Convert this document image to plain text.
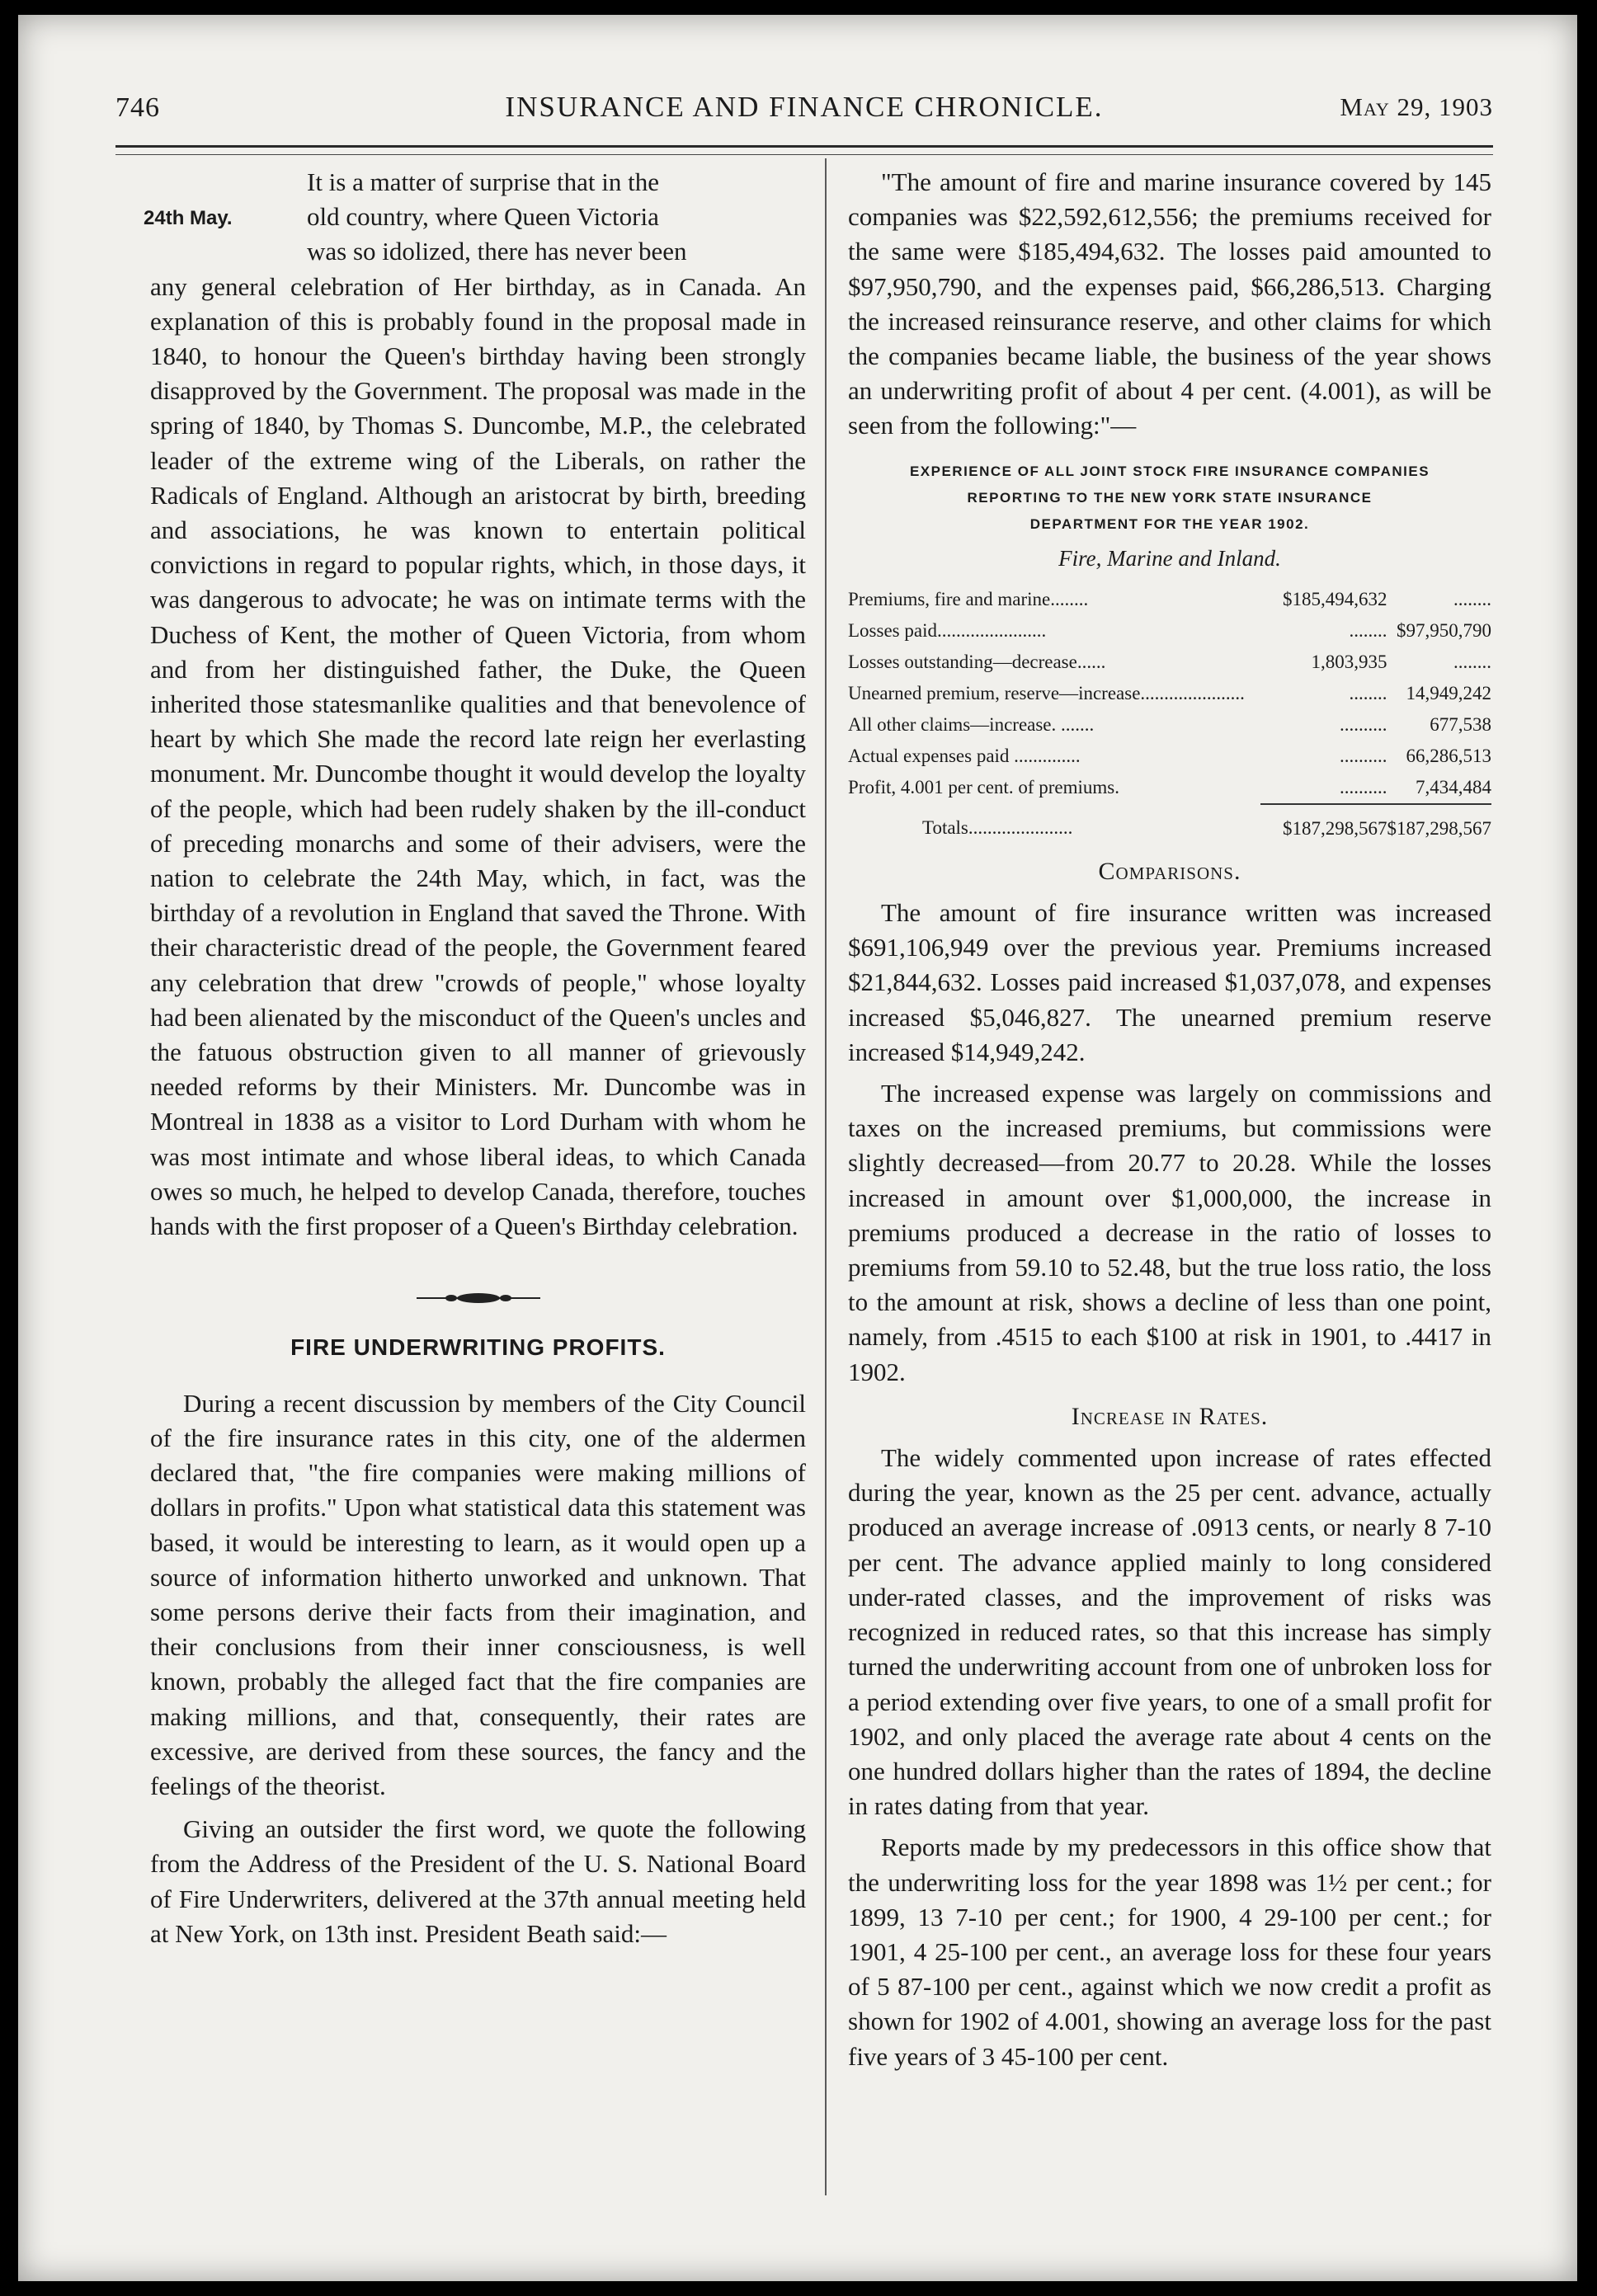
746	INSURANCE AND FINANCE CHRONICLE.	May 29, 1903
24th May.

It is a matter of surprise that in the
old country, where Queen Victoria
was so idolized, there has never been
any general celebration of Her birthday, as in Canada. An explanation of this is probably found in the proposal made in 1840, to honour the Queen's birthday having been strongly disapproved by the Government. The proposal was made in the spring of 1840, by Thomas S. Duncombe, M.P., the celebrated leader of the extreme wing of the Liberals, on rather the Radicals of England. Although an aristocrat by birth, breeding and associations, he was known to entertain political convictions in regard to popular rights, which, in those days, it was dangerous to advocate; he was on intimate terms with the Duchess of Kent, the mother of Queen Victoria, from whom and from her distinguished father, the Duke, the Queen inherited those statesmanlike qualities and that benevolence of heart by which She made the record late reign her everlasting monument. Mr. Duncombe thought it would develop the loyalty of the people, which had been rudely shaken by the ill-conduct of preceding monarchs and some of their advisers, were the nation to celebrate the 24th May, which, in fact, was the birthday of a revolution in England that saved the Throne. With their characteristic dread of the people, the Government feared any celebration that drew "crowds of people," whose loyalty had been alienated by the misconduct of the Queen's uncles and the fatuous obstruction given to all manner of grievously needed reforms by their Ministers. Mr. Duncombe was in Montreal in 1838 as a visitor to Lord Durham with whom he was most intimate and whose liberal ideas, to which Canada owes so much, he helped to develop Canada, therefore, touches hands with the first proposer of a Queen's Birthday celebration.

FIRE UNDERWRITING PROFITS.

During a recent discussion by members of the City Council of the fire insurance rates in this city, one of the aldermen declared that, "the fire companies were making millions of dollars in profits." Upon what statistical data this statement was based, it would be interesting to learn, as it would open up a source of information hitherto unworked and unknown. That some persons derive their facts from their imagination, and their conclusions from their inner consciousness, is well known, probably the alleged fact that the fire companies are making millions, and that, consequently, their rates are excessive, are derived from these sources, the fancy and the feelings of the theorist.

Giving an outsider the first word, we quote the following from the Address of the President of the U. S. National Board of Fire Underwriters, delivered at the 37th annual meeting held at New York, on 13th inst. President Beath said:—

"The amount of fire and marine insurance covered by 145 companies was $22,592,612,556; the premiums received for the same were $185,494,632. The losses paid amounted to $97,950,790, and the expenses paid, $66,286,513. Charging the increased reinsurance reserve, and other claims for which the companies became liable, the business of the year shows an underwriting profit of about 4 per cent. (4.001), as will be seen from the following:"—

EXPERIENCE OF ALL JOINT STOCK FIRE INSURANCE COMPANIES
REPORTING TO THE NEW YORK STATE INSURANCE
DEPARTMENT FOR THE YEAR 1902.
Fire, Marine and Inland.
Premiums, fire and marine........	$185,494,632	........
Losses paid.......................	........	$97,950,790
Losses outstanding—decrease......	1,803,935	........
Unearned premium, reserve—increase......................	........	14,949,242
All other claims—increase. .......	..........	677,538
Actual expenses paid ..............	..........	66,286,513
Profit, 4.001 per cent. of premiums.	..........	7,434,484
Totals......................	$187,298,567	$187,298,567
Comparisons.

The amount of fire insurance written was increased $691,106,949 over the previous year. Premiums increased $21,844,632. Losses paid increased $1,037,078, and expenses increased $5,046,827. The unearned premium reserve increased $14,949,242.

The increased expense was largely on commissions and taxes on the increased premiums, but commissions were slightly decreased—from 20.77 to 20.28. While the losses increased in amount over $1,000,000, the increase in premiums produced a decrease in the ratio of losses to premiums from 59.10 to 52.48, but the true loss ratio, the loss to the amount at risk, shows a decline of less than one point, namely, from .4515 to each $100 at risk in 1901, to .4417 in 1902.

Increase in Rates.

The widely commented upon increase of rates effected during the year, known as the 25 per cent. advance, actually produced an average increase of .0913 cents, or nearly 8 7-10 per cent. The advance applied mainly to long considered under-rated classes, and the improvement of risks was recognized in reduced rates, so that this increase has simply turned the underwriting account from one of unbroken loss for a period extending over five years, to one of a small profit for 1902, and only placed the average rate about 4 cents on the one hundred dollars higher than the rates of 1894, the decline in rates dating from that year.

Reports made by my predecessors in this office show that the underwriting loss for the year 1898 was 1½ per cent.; for 1899, 13 7-10 per cent.; for 1900, 4 29-100 per cent.; for 1901, 4 25-100 per cent., an average loss for these four years of 5 87-100 per cent., against which we now credit a profit as shown for 1902 of 4.001, showing an average loss for the past five years of 3 45-100 per cent.
